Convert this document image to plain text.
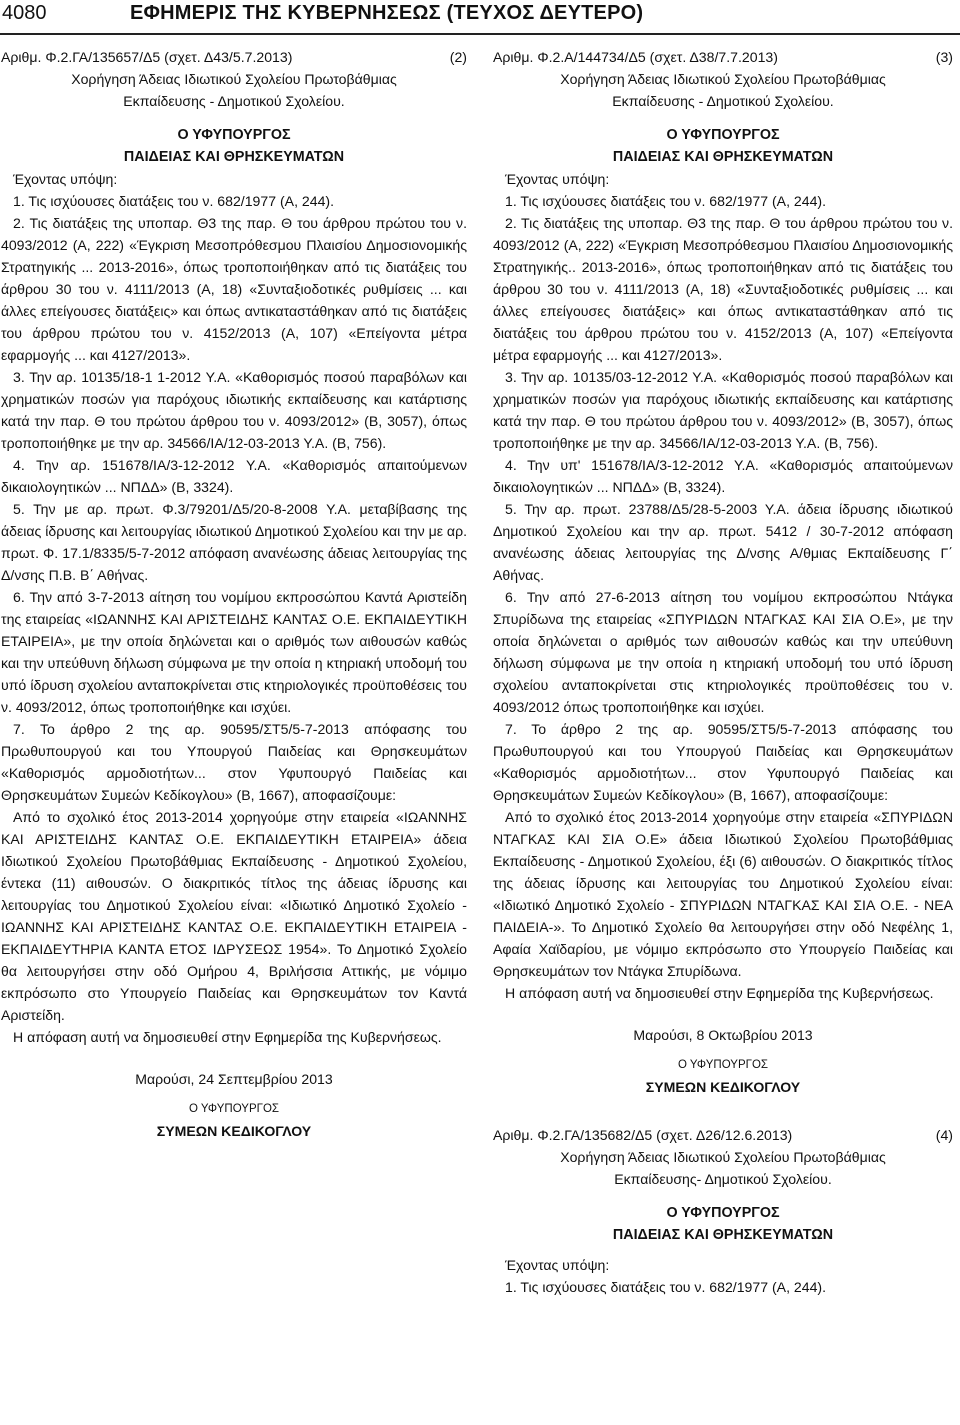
4080	ΕΦΗΜΕΡΙΣ ΤΗΣ ΚΥΒΕΡΝΗΣΕΩΣ (ΤΕΥΧΟΣ ΔΕΥΤΕΡΟ)

Αριθμ. Φ.2.ΓΑ/135657/Δ5 (σχετ. Δ43/5.7.2013)	(2)

Χορήγηση Άδειας Ιδιωτικού Σχολείου Πρωτοβάθμιας

Εκπαίδευσης - Δημοτικού Σχολείου.

Ο ΥΦΥΠΟΥΡΓΟΣ

ΠΑΙΔΕΙΑΣ ΚΑΙ ΘΡΗΣΚΕΥΜΑΤΩΝ

Έχοντας υπόψη:

1. Τις ισχύουσες διατάξεις του ν. 682/1977 (Α, 244).

2. Τις διατάξεις της υποπαρ. Θ3 της παρ. Θ του άρθρου πρώτου του ν. 4093/2012 (Α, 222) «Έγκριση Μεσοπρόθεσμου Πλαισίου Δημοσιονομικής Στρατηγικής ... 2013-2016», όπως τροποποιήθηκαν από τις διατάξεις του άρθρου 30 του ν. 4111/2013 (Α, 18) «Συνταξιοδοτικές ρυθμίσεις ... και άλλες επείγουσες διατάξεις» και όπως αντικαταστάθηκαν από τις διατάξεις του άρθρου πρώτου του ν. 4152/2013 (Α, 107) «Επείγοντα μέτρα εφαρμογής ... και 4127/2013».

3. Την αρ. 10135/18-1 1-2012 Υ.Α. «Καθορισμός ποσού παραβόλων και χρηματικών ποσών για παρόχους ιδιωτικής εκπαίδευσης και κατάρτισης κατά την παρ. Θ του πρώτου άρθρου του ν. 4093/2012» (Β, 3057), όπως τροποποιήθηκε με την αρ. 34566/ΙΑ/12-03-2013 Υ.Α. (Β, 756).

4. Την αρ. 151678/ΙΑ/3-12-2012 Υ.Α. «Καθορισμός απαιτούμενων δικαιολογητικών ... ΝΠΔΔ» (Β, 3324).

5. Την με αρ. πρωτ. Φ.3/79201/Δ5/20-8-2008 Υ.Α. μεταβίβασης της άδειας ίδρυσης και λειτουργίας ιδιωτικού Δημοτικού Σχολείου και την με αρ. πρωτ. Φ. 17.1/8335/5-7-2012 απόφαση ανανέωσης άδειας λειτουργίας της Δ/νσης Π.Β. Β΄ Αθήνας.

6. Την από 3-7-2013 αίτηση του νομίμου εκπροσώπου Καντά Αριστείδη της εταιρείας «ΙΩΑΝΝΗΣ ΚΑΙ ΑΡΙΣΤΕΙΔΗΣ ΚΑΝΤΑΣ Ο.Ε. ΕΚΠΑΙΔΕΥΤΙΚΗ ΕΤΑΙΡΕΙΑ», με την οποία δηλώνεται και ο αριθμός των αιθουσών καθώς και την υπεύθυνη δήλωση σύμφωνα με την οποία η κτηριακή υποδομή του υπό ίδρυση σχολείου ανταποκρίνεται στις κτηριολογικές προϋποθέσεις του ν. 4093/2012, όπως τροποποιήθηκε και ισχύει.

7. Το άρθρο 2 της αρ. 90595/ΣΤ5/5-7-2013 απόφασης του Πρωθυπουργού και του Υπουργού Παιδείας και Θρησκευμάτων «Καθορισμός αρμοδιοτήτων... στον Υφυπουργό Παιδείας και Θρησκευμάτων Συμεών Κεδίκογλου» (Β, 1667), αποφασίζουμε:

Από το σχολικό έτος 2013-2014 χορηγούμε στην εταιρεία «ΙΩΑΝΝΗΣ ΚΑΙ ΑΡΙΣΤΕΙΔΗΣ ΚΑΝΤΑΣ Ο.Ε. ΕΚΠΑΙΔΕΥΤΙΚΗ ΕΤΑΙΡΕΙΑ» άδεια Ιδιωτικού Σχολείου Πρωτοβάθμιας Εκπαίδευσης - Δημοτικού Σχολείου, έντεκα (11) αιθουσών. Ο διακριτικός τίτλος της άδειας ίδρυσης και λειτουργίας του Δημοτικού Σχολείου είναι: «Ιδιωτικό Δημοτικό Σχολείο - ΙΩΑΝΝΗΣ ΚΑΙ ΑΡΙΣΤΕΙΔΗΣ ΚΑΝΤΑΣ Ο.Ε. ΕΚΠΑΙΔΕΥΤΙΚΗ ΕΤΑΙΡΕΙΑ - ΕΚΠΑΙΔΕΥΤΗΡΙΑ ΚΑΝΤΑ ΕΤΟΣ ΙΔΡΥΣΕΩΣ 1954». Το Δημοτικό Σχολείο θα λειτουργήσει στην οδό Ομήρου 4, Βριλήσσια Αττικής, με νόμιμο εκπρόσωπο στο Υπουργείο Παιδείας και Θρησκευμάτων τον Καντά Αριστείδη.

Η απόφαση αυτή να δημοσιευθεί στην Εφημερίδα της Κυβερνήσεως.

Μαρούσι, 24 Σεπτεμβρίου 2013

Ο ΥΦΥΠΟΥΡΓΟΣ

ΣΥΜΕΩΝ ΚΕΔΙΚΟΓΛΟΥ

Αριθμ. Φ.2.Α/144734/Δ5 (σχετ. Δ38/7.7.2013)	(3)

Χορήγηση Άδειας Ιδιωτικού Σχολείου Πρωτοβάθμιας

Εκπαίδευσης - Δημοτικού Σχολείου.

Ο ΥΦΥΠΟΥΡΓΟΣ

ΠΑΙΔΕΙΑΣ ΚΑΙ ΘΡΗΣΚΕΥΜΑΤΩΝ

Έχοντας υπόψη:

1. Τις ισχύουσες διατάξεις του ν. 682/1977 (Α, 244).

2. Τις διατάξεις της υποπαρ. Θ3 της παρ. Θ του άρθρου πρώτου του ν. 4093/2012 (Α, 222) «Έγκριση Μεσοπρόθεσμου Πλαισίου Δημοσιονομικής Στρατηγικής.. 2013-2016», όπως τροποποιήθηκαν από τις διατάξεις του άρθρου 30 του ν. 4111/2013 (Α, 18) «Συνταξιοδοτικές ρυθμίσεις ... και άλλες επείγουσες διατάξεις» και όπως αντικαταστάθηκαν από τις διατάξεις του άρθρου πρώτου του ν. 4152/2013 (Α, 107) «Επείγοντα μέτρα εφαρμογής ... και 4127/2013».

3. Την αρ. 10135/03-12-2012 Υ.Α. «Καθορισμός ποσού παραβόλων και χρηματικών ποσών για παρόχους ιδιωτικής εκπαίδευσης και κατάρτισης κατά την παρ. Θ του πρώτου άρθρου του ν. 4093/2012» (Β, 3057), όπως τροποποιήθηκε με την αρ. 34566/ΙΑ/12-03-2013 Υ.Α. (Β, 756).

4. Την υπ' 151678/ΙΑ/3-12-2012 Υ.Α. «Καθορισμός απαιτούμενων δικαιολογητικών ... ΝΠΔΔ» (Β, 3324).

5. Την αρ. πρωτ. 23788/Δ5/28-5-2003 Υ.Α. άδεια ίδρυσης ιδιωτικού Δημοτικού Σχολείου και την αρ. πρωτ. 5412 / 30-7-2012 απόφαση ανανέωσης άδειας λειτουργίας της Δ/νσης Α/θμιας Εκπαίδευσης Γ΄ Αθήνας.

6. Την από 27-6-2013 αίτηση του νομίμου εκπροσώπου Ντάγκα Σπυρίδωνα της εταιρείας «ΣΠΥΡΙΔΩΝ ΝΤΑΓΚΑΣ ΚΑΙ ΣΙΑ Ο.Ε», με την οποία δηλώνεται ο αριθμός των αιθουσών καθώς και την υπεύθυνη δήλωση σύμφωνα με την οποία η κτηριακή υποδομή του υπό ίδρυση σχολείου ανταποκρίνεται στις κτηριολογικές προϋποθέσεις του ν. 4093/2012 όπως τροποποιήθηκε και ισχύει.

7. Το άρθρο 2 της αρ. 90595/ΣΤ5/5-7-2013 απόφασης του Πρωθυπουργού και του Υπουργού Παιδείας και Θρησκευμάτων «Καθορισμός αρμοδιοτήτων... στον Υφυπουργό Παιδείας και Θρησκευμάτων Συμεών Κεδίκογλου» (Β, 1667), αποφασίζουμε:

Από το σχολικό έτος 2013-2014 χορηγούμε στην εταιρεία «ΣΠΥΡΙΔΩΝ ΝΤΑΓΚΑΣ ΚΑΙ ΣΙΑ Ο.Ε» άδεια Ιδιωτικού Σχολείου Πρωτοβάθμιας Εκπαίδευσης - Δημοτικού Σχολείου, έξι (6) αιθουσών. Ο διακριτικός τίτλος της άδειας ίδρυσης και λειτουργίας του Δημοτικού Σχολείου είναι: «Ιδιωτικό Δημοτικό Σχολείο - ΣΠΥΡΙΔΩΝ ΝΤΑΓΚΑΣ ΚΑΙ ΣΙΑ Ο.Ε. - ΝΕΑ ΠΑΙΔΕΙΑ-». Το Δημοτικό Σχολείο θα λειτουργήσει στην οδό Νεφέλης 1, Αφαία Χαϊδαρίου, με νόμιμο εκπρόσωπο στο Υπουργείο Παιδείας και Θρησκευμάτων τον Ντάγκα Σπυρίδωνα.

Η απόφαση αυτή να δημοσιευθεί στην Εφημερίδα της Κυβερνήσεως.

Μαρούσι, 8 Οκτωβρίου 2013

Ο ΥΦΥΠΟΥΡΓΟΣ

ΣΥΜΕΩΝ ΚΕΔΙΚΟΓΛΟΥ

Αριθμ. Φ.2.ΓΑ/135682/Δ5 (σχετ. Δ26/12.6.2013)	(4)

Χορήγηση Άδειας Ιδιωτικού Σχολείου Πρωτοβάθμιας

Εκπαίδευσης- Δημοτικού Σχολείου.

Ο ΥΦΥΠΟΥΡΓΟΣ

ΠΑΙΔΕΙΑΣ ΚΑΙ ΘΡΗΣΚΕΥΜΑΤΩΝ

Έχοντας υπόψη:

1. Τις ισχύουσες διατάξεις του ν. 682/1977 (Α, 244).
